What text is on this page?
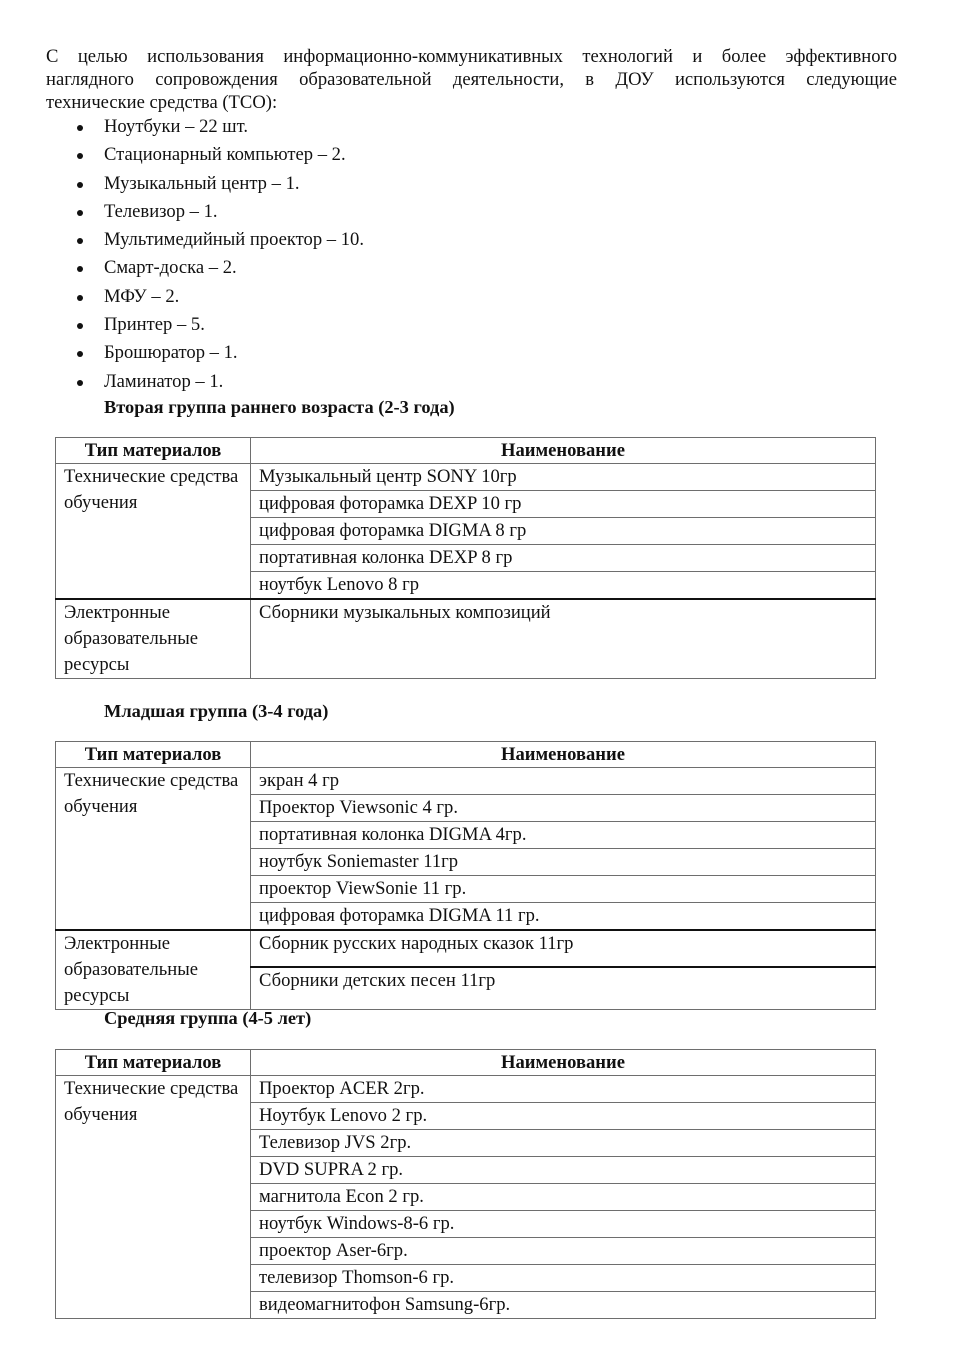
С целью использования информационно-коммуникативных технологий и более эффективного
наглядного сопровождения образовательной деятельности, в ДОУ используются следующие
технические средства (ТСО):

Ноутбуки – 22 шт.
Стационарный компьютер – 2.
Музыкальный центр – 1.
Телевизор – 1.
Мультимедийный проектор – 10.
Смарт-доска – 2.
МФУ – 2.
Принтер – 5.
Брошюратор – 1.
Ламинатор – 1.
Вторая группа раннего возраста (2-3 года)
Тип материалов	Наименование
Технические средства обучения	Музыкальный центр SONY 10гр
	цифровая фоторамка DEXP 10 гр
	цифровая фоторамка DIGMA 8 гр
	портативная колонка DEXP 8 гр
	ноутбук Lenovo 8 гр
Электронные образовательные ресурсы	Сборники музыкальных композиций
Младшая группа (3-4 года)
Тип материалов	Наименование
Технические средства обучения	экран 4 гр
	Проектор Viewsonic 4 гр.
	портативная колонка DIGMA 4гр.
	ноутбук Soniemaster 11гр
	проектор ViewSonie 11 гр.
	цифровая фоторамка DIGMA 11 гр.
Электронные образовательные ресурсы	Сборник русских народных сказок 11гр
	Сборники детских песен 11гр
Средняя группа (4-5 лет)
Тип материалов	Наименование
Технические средства обучения	Проектор ACER 2гр.
	Ноутбук Lenovo 2 гр.
	Телевизор JVS 2гр.
	DVD SUPRA 2 гр.
	магнитола Econ 2 гр.
	ноутбук Windows-8-6 гр.
	проектор Aser-6гр.
	телевизор Thomson-6 гр.
	видеомагнитофон Samsung-6гр.
